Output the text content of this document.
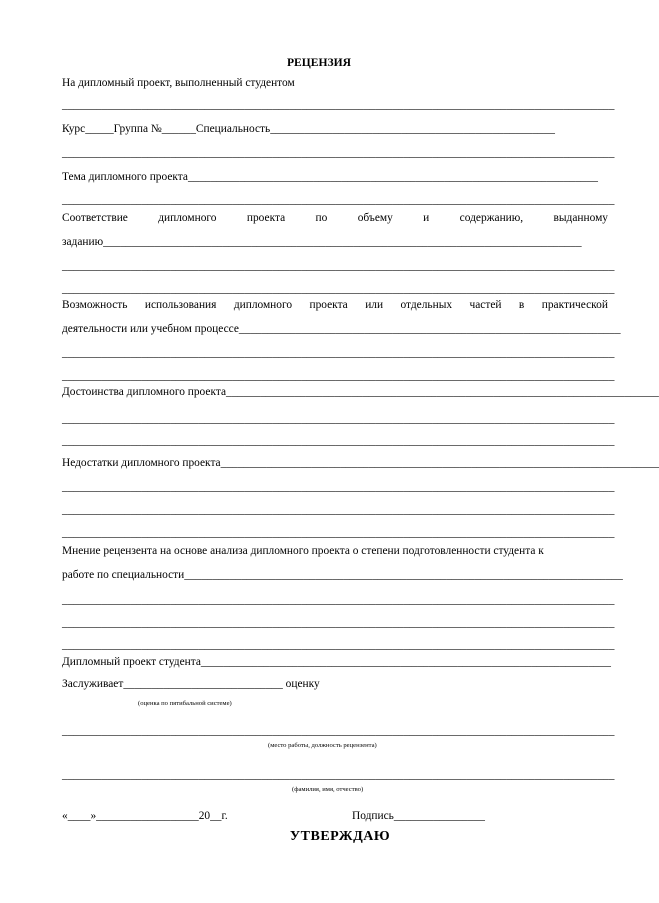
РЕЦЕНЗИЯ
На дипломный проект, выполненный студентом
_________________________________________________________________________________________________
Курс_____Группа №______Специальность__________________________________________________
_________________________________________________________________________________________________
Тема дипломного проекта________________________________________________________________________
_________________________________________________________________________________________________
Соответствие	дипломного	проекта	по	объему	и	содержанию,	выданному
заданию____________________________________________________________________________________
_________________________________________________________________________________________________
_________________________________________________________________________________________________
Возможность использования дипломного проекта или отдельных частей в практической
деятельности или учебном процессе___________________________________________________________________
_________________________________________________________________________________________________
_________________________________________________________________________________________________
Достоинства дипломного проекта____________________________________________________________________________
_________________________________________________________________________________________________
_________________________________________________________________________________________________
Недостатки дипломного проекта_____________________________________________________________________________
_________________________________________________________________________________________________
_________________________________________________________________________________________________
_________________________________________________________________________________________________
Мнение рецензента на основе анализа дипломного проекта о степени подготовленности студента к
работе по специальности_____________________________________________________________________________
_________________________________________________________________________________________________
_________________________________________________________________________________________________
_________________________________________________________________________________________________
Дипломный проект студента________________________________________________________________________
Заслуживает____________________________ оценку
(оценка по пятибальной системе)
_________________________________________________________________________________________________
(место работы, должность рецензента)
_________________________________________________________________________________________________
(фамилия, имя, отчество)
«____»__________________20__г.	Подпись________________
УТВЕРЖДАЮ
